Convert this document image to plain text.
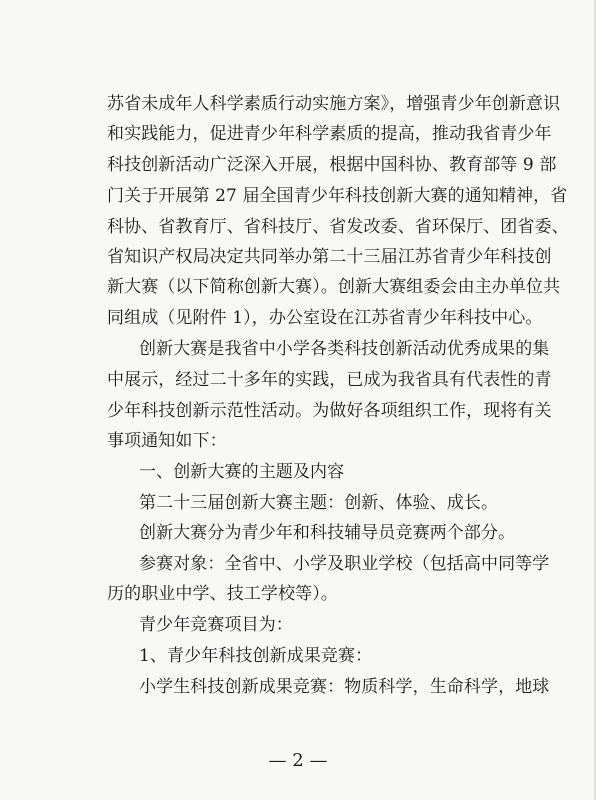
苏省未成年人科学素质行动实施方案》，增强青少年创新意识
和实践能力，促进青少年科学素质的提高，推动我省青少年
科技创新活动广泛深入开展，根据中国科协、教育部等 9 部
门关于开展第 27 届全国青少年科技创新大赛的通知精神，省
科协、省教育厅、省科技厅、省发改委、省环保厅、团省委、
省知识产权局决定共同举办第二十三届江苏省青少年科技创
新大赛（以下简称创新大赛）。创新大赛组委会由主办单位共
同组成（见附件 1），办公室设在江苏省青少年科技中心。
创新大赛是我省中小学各类科技创新活动优秀成果的集
中展示，经过二十多年的实践，已成为我省具有代表性的青
少年科技创新示范性活动。为做好各项组织工作，现将有关
事项通知如下：
一、创新大赛的主题及内容
第二十三届创新大赛主题：创新、体验、成长。
创新大赛分为青少年和科技辅导员竞赛两个部分。
参赛对象：全省中、小学及职业学校（包括高中同等学
历的职业中学、技工学校等）。
青少年竞赛项目为：
1、青少年科技创新成果竞赛：
小学生科技创新成果竞赛：物质科学，生命科学，地球
— 2 —
